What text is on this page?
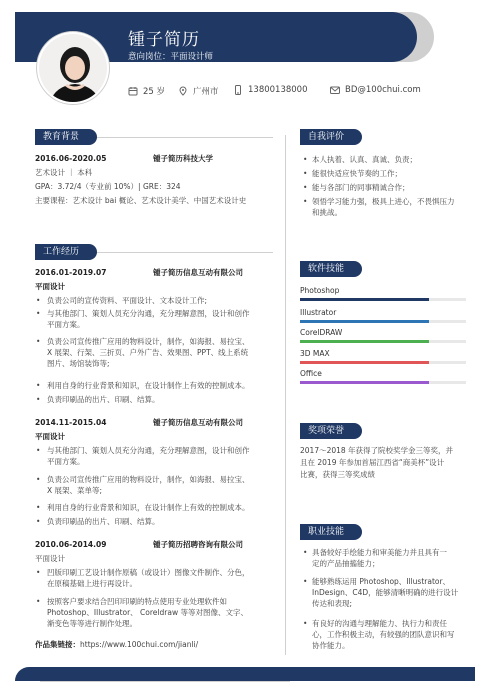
锺子简历
意向岗位：平面设计师
25 岁	广州市	13800138000	BD@100chui.com
教育背景
2016.06-2020.05	锺子简历科技大学
艺术设计 ｜ 本科
GPA：3.72/4（专业前 10%）| GRE：324
主要课程：艺术设计 bai 概论、艺术设计美学、中国艺术设计史
工作经历
2016.01-2019.07	锺子简历信息互动有限公司
平面设计
• 负责公司的宣传资料、平面设计、文本设计工作;
• 与其他部门、策划人员充分沟通，充分理解意图，设计和创作
平面方案。
• 负责公司宣传推广应用的物料设计，制作，如海报、易拉宝、
X 展架、行架、三折页、户外广告、效果图、PPT、线上系统
图片、场馆装饰等;
• 利用自身的行业背景和知识，在设计制作上有效的控制成本。
• 负责印刷品的出片、印刷、结算。
2014.11-2015.04	锺子简历信息互动有限公司
平面设计
• 与其他部门、策划人员充分沟通，充分理解意图，设计和创作
平面方案。
• 负责公司宣传推广应用的物料设计，制作，如海报、易拉宝、
X 展架、菜单等;
• 利用自身的行业背景和知识，在设计制作上有效的控制成本。
• 负责印刷品的出片、印刷、结算。
2010.06-2014.09	锺子简历招聘咨询有限公司
平面设计
• 凹版印刷工艺设计制作原稿（或设计）图像文件制作、分色，
在原稿基础上进行再设计。
• 按照客户要求结合凹印印刷的特点使用专业处理软件如
Photoshop、Illustrator、 Coreldraw 等等对图像、文字、
渐变色等等进行制作处理。
作品集链接：https://www.100chui.com/jianli/
自我评价
• 本人执着、认真、真诚、负责；
• 能很快适应快节奏的工作；
• 能与各部门的同事精诚合作；
• 领悟学习能力强，极具上进心，不畏惧压力
和挑战。
软件技能
Photoshop
Illustrator
CorelDRAW
3D MAX
Office
奖项荣誉
2017～2018 年获得了院校奖学金三等奖，并
且在 2019 年参加首届江西省“商美杯”设计
比赛，获得三等奖成绩
职业技能
• 具备较好手绘能力和审美能力并且具有一
定的产品抽搐能力；
• 能够熟练运用 Photoshop、Illustrator、
InDesign、C4D，能够清晰明确的进行设计
传达和表现;
• 有良好的沟通与理解能力、执行力和责任
心，工作积极主动，有较强的团队意识和写
协作能力。
